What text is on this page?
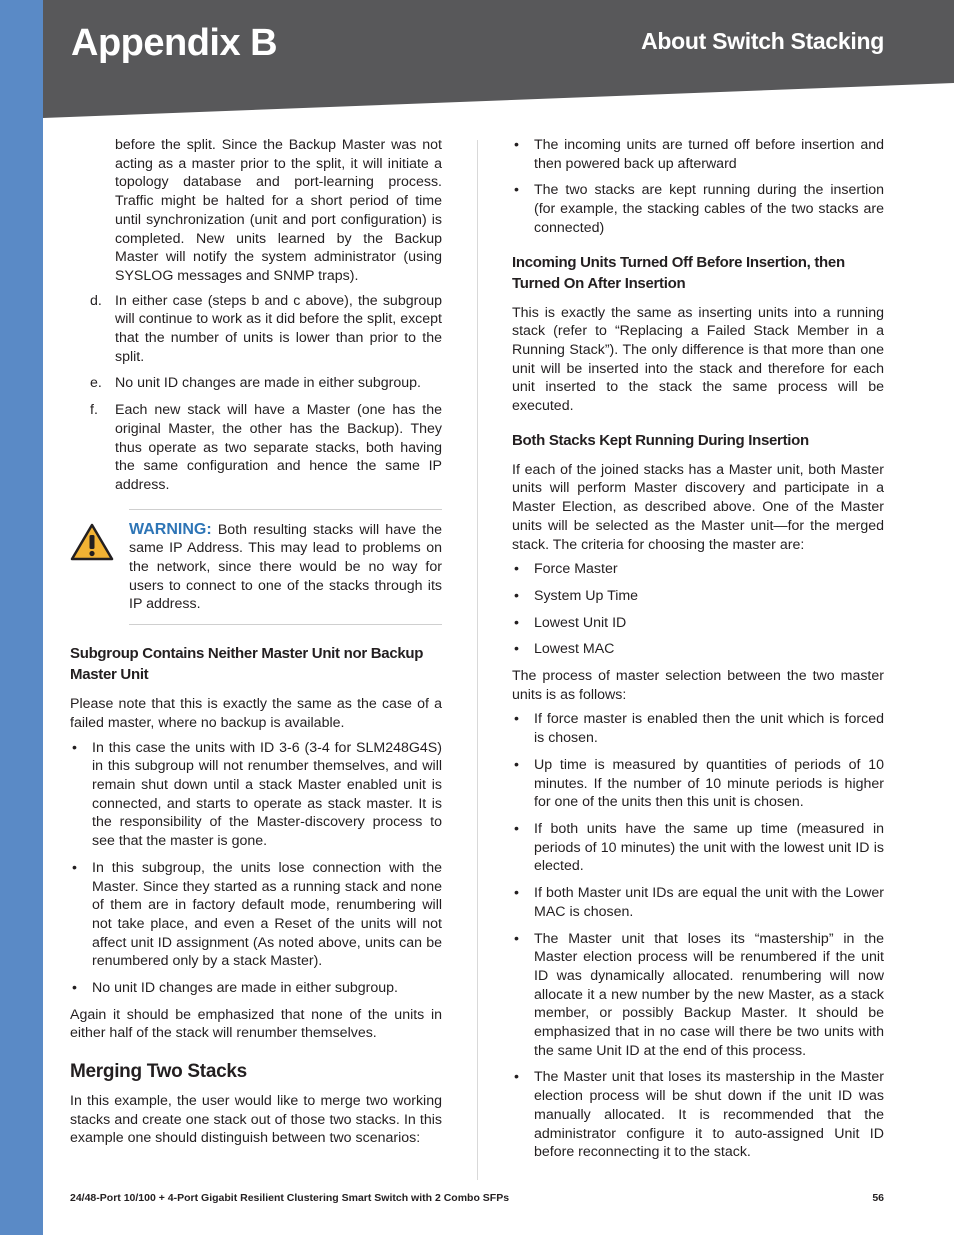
Appendix B	About Switch Stacking

before the split. Since the Backup Master was not acting as a master prior to the split, it will initiate a topology database and port-learning process. Traffic might be halted for a short period of time until synchronization (unit and port configuration) is completed. New units learned by the Backup Master will notify the system administrator (using SYSLOG messages and SNMP traps).

d. In either case (steps b and c above), the subgroup will continue to work as it did before the split, except that the number of units is lower than prior to the split.
e. No unit ID changes are made in either subgroup.
f.	Each new stack will have a Master (one has the original Master, the other has the Backup). They thus operate as two separate stacks, both having the same configuration and hence the same IP address.
WARNING: Both resulting stacks will have the same IP Address. This may lead to problems on the network, since there would be no way for users to connect to one of the stacks through its IP address.
Subgroup Contains Neither Master Unit nor Backup Master Unit

Please note that this is exactly the same as the case of a failed master, where no backup is available.

•	In this case the units with ID 3-6 (3-4 for SLM248G4S) in this subgroup will not renumber themselves, and will remain shut down until a stack Master enabled unit is connected, and starts to operate as stack master. It is the responsibility of the Master-discovery process to see that the master is gone.
•	In this subgroup, the units lose connection with the Master. Since they started as a running stack and none of them are in factory default mode, renumbering will not take place, and even a Reset of the units will not affect unit ID assignment (As noted above, units can be renumbered only by a stack Master).
•	No unit ID changes are made in either subgroup.

Again it should be emphasized that none of the units in either half of the stack will renumber themselves.

Merging Two Stacks

In this example, the user would like to merge two working stacks and create one stack out of those two stacks. In this example one should distinguish between two scenarios:

•	The incoming units are turned off before insertion and then powered back up afterward
•	The two stacks are kept running during the insertion (for example, the stacking cables of the two stacks are connected)
Incoming Units Turned Off Before Insertion, then Turned On After Insertion

This is exactly the same as inserting units into a running stack (refer to “Replacing a Failed Stack Member in a Running Stack”). The only difference is that more than one unit will be inserted into the stack and therefore for each unit inserted to the stack the same process will be executed.

Both Stacks Kept Running During Insertion

If each of the joined stacks has a Master unit, both Master units will perform Master discovery and participate in a Master Election, as described above. One of the Master units will be selected as the Master unit—for the merged stack. The criteria for choosing the master are:

•	Force Master
•	System Up Time
•	Lowest Unit ID
•	Lowest MAC

The process of master selection between the two master units is as follows:

•	If force master is enabled then the unit which is forced is chosen.
•	Up time is measured by quantities of periods of 10 minutes. If the number of 10 minute periods is higher for one of the units then this unit is chosen.
•	If both units have the same up time (measured in periods of 10 minutes) the unit with the lowest unit ID is elected.
•	If both Master unit IDs are equal the unit with the Lower MAC is chosen.
•	The Master unit that loses its “mastership” in the Master election process will be renumbered if the unit ID was dynamically allocated. renumbering will now allocate it a new number by the new Master, as a stack member, or possibly Backup Master. It should be emphasized that in no case will there be two units with the same Unit ID at the end of this process.
•	The Master unit that loses its mastership in the Master election process will be shut down if the unit ID was manually allocated. It is recommended that the administrator configure it to auto-assigned Unit ID before reconnecting it to the stack.
24/48-Port 10/100 + 4-Port Gigabit Resilient Clustering Smart Switch with 2 Combo SFPs	56
